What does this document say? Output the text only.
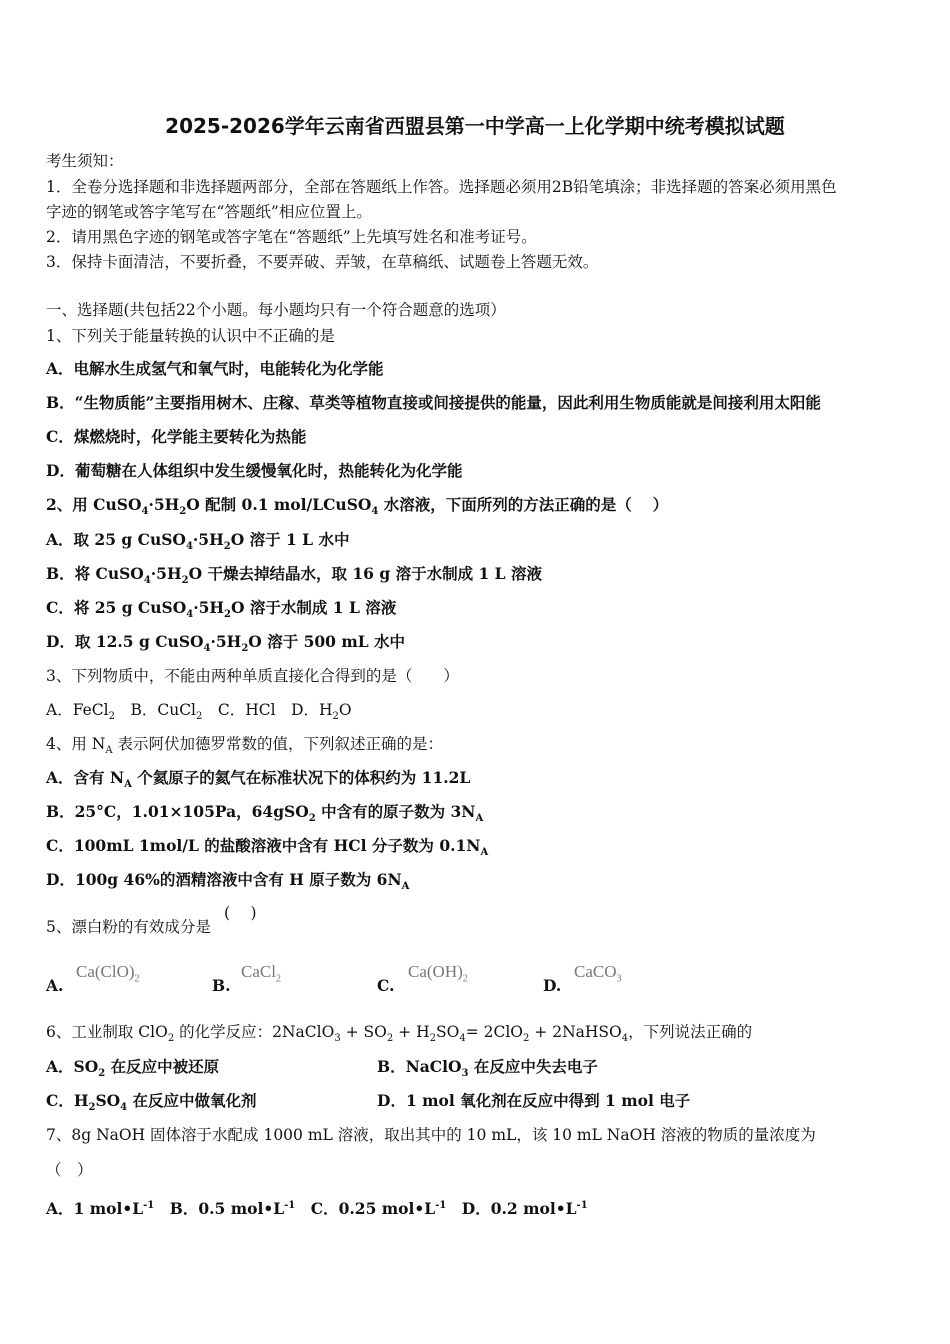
2025-2026学年云南省西盟县第一中学高一上化学期中统考模拟试题
考生须知：
1．全卷分选择题和非选择题两部分，全部在答题纸上作答。选择题必须用2B铅笔填涂；非选择题的答案必须用黑色
字迹的钢笔或答字笔写在“答题纸”相应位置上。
2．请用黑色字迹的钢笔或答字笔在“答题纸”上先填写姓名和准考证号。
3．保持卡面清洁，不要折叠，不要弄破、弄皱，在草稿纸、试题卷上答题无效。
一、选择题(共包括22个小题。每小题均只有一个符合题意的选项）
1、下列关于能量转换的认识中不正确的是
A．电解水生成氢气和氧气时，电能转化为化学能
B．“生物质能”主要指用树木、庄稼、草类等植物直接或间接提供的能量，因此利用生物质能就是间接利用太阳能
C．煤燃烧时，化学能主要转化为热能
D．葡萄糖在人体组织中发生缓慢氧化时，热能转化为化学能
2、用 $CuSO_4\cdot 5H_2O$ 配制 0.1 mol/LCuSO$_4$ 水溶液，下面所列的方法正确的是（　 ）
A．取 25 g $CuSO_4\cdot 5H_2O$ 溶于 1 L 水中
B．将 $CuSO_4\cdot 5H_2O$ 干燥去掉结晶水，取 16 g 溶于水制成 1 L 溶液
C．将 25 g $CuSO_4\cdot 5H_2O$ 溶于水制成 1 L 溶液
D．取 12.5 g $CuSO_4\cdot 5H_2O$ 溶于 500 mL 水中
3、下列物质中，不能由两种单质直接化合得到的是（　　）
A．FeCl$_2$　B．CuCl$_2$　C．HCl　D．$H_2O$
4、用 $N_A$ 表示阿伏加德罗常数的值，下列叙述正确的是：
A．含有 $N_A$ 个氦原子的氦气在标准状况下的体积约为 11.2L
B．25°C，1.01×105Pa，64gSO$_2$ 中含有的原子数为 $3N_A$
C．100mL 1mol/L 的盐酸溶液中含有 HCl 分子数为 $0.1N_A$
D．100g 46%的酒精溶液中含有 H 原子数为 $6N_A$
5、漂白粉的有效成分是
(　 )
A.
$Ca(ClO)_2$	B.
CaCl$_2$	C.
$Ca(OH)_2$	D.
CaCO$_3$
6、工业制取 ClO$_2$ 的化学反应：2NaClO$_3$ + $SO_2 + H_2SO_4= 2ClO_2$ + 2NaHSO$_4$，下列说法正确的
A．$SO_2$ 在反应中被还原	B．NaClO$_3$ 在反应中失去电子
C．$H_2SO_4$ 在反应中做氧化剂	D．1 mol 氧化剂在反应中得到 1 mol 电子
7、8g NaOH 固体溶于水配成 1000 mL 溶液，取出其中的 10 mL，该 10 mL NaOH 溶液的物质的量浓度为
（　）
A．1 $mol•L^{-1}$　B．0.5 $mol•L^{-1}$　C．0.25 $mol•L^{-1}$　D．0.2 $mol•L^{-1}$
